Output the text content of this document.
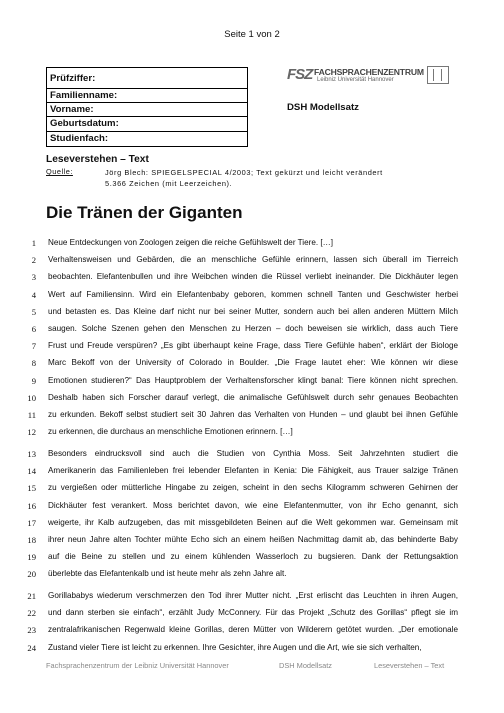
Seite 1 von 2
Prüfziffer:
Familienname:
Vorname:
Geburtsdatum:
Studienfach:
FSZ FACHSPRACHENZENTRUM
Leibniz Universität Hannover
DSH Modellsatz
Leseverstehen – Text
Quelle:	Jörg Blech: SPIEGELSPECIAL 4/2003; Text gekürzt und leicht verändert
5.366 Zeichen (mit Leerzeichen).
Die Tränen der Giganten
1 Neue Entdeckungen von Zoologen zeigen die reiche Gefühlswelt der Tiere. […]
2 Verhaltensweisen und Gebärden, die an menschliche Gefühle erinnern, lassen sich überall im Tierreich
3 beobachten. Elefantenbullen und ihre Weibchen winden die Rüssel verliebt ineinander. Die Dickhäuter legen
4 Wert auf Familiensinn. Wird ein Elefantenbaby geboren, kommen schnell Tanten und Geschwister herbei
5 und betasten es. Das Kleine darf nicht nur bei seiner Mutter, sondern auch bei allen anderen Müttern Milch
6 saugen. Solche Szenen gehen den Menschen zu Herzen – doch beweisen sie wirklich, dass auch Tiere
7 Frust und Freude verspüren? „Es gibt überhaupt keine Frage, dass Tiere Gefühle haben“, erklärt der Biologe
8 Marc Bekoff von der University of Colorado in Boulder. „Die Frage lautet eher: Wie können wir diese
9 Emotionen studieren?“ Das Hauptproblem der Verhaltensforscher klingt banal: Tiere können nicht sprechen.
10 Deshalb haben sich Forscher darauf verlegt, die animalische Gefühlswelt durch sehr genaues Beobachten
11 zu erkunden. Bekoff selbst studiert seit 30 Jahren das Verhalten von Hunden – und glaubt bei ihnen Gefühle
12 zu erkennen, die durchaus an menschliche Emotionen erinnern. […]
13 Besonders eindrucksvoll sind auch die Studien von Cynthia Moss. Seit Jahrzehnten studiert die
14 Amerikanerin das Familienleben frei lebender Elefanten in Kenia: Die Fähigkeit, aus Trauer salzige Tränen
15 zu vergießen oder mütterliche Hingabe zu zeigen, scheint in den sechs Kilogramm schweren Gehirnen der
16 Dickhäuter fest verankert. Moss berichtet davon, wie eine Elefantenmutter, von ihr Echo genannt, sich
17 weigerte, ihr Kalb aufzugeben, das mit missgebildeten Beinen auf die Welt gekommen war. Gemeinsam mit
18 ihrer neun Jahre alten Tochter mühte Echo sich an einem heißen Nachmittag damit ab, das behinderte Baby
19 auf die Beine zu stellen und zu einem kühlenden Wasserloch zu bugsieren. Dank der Rettungsaktion
20 überlebte das Elefantenkalb und ist heute mehr als zehn Jahre alt.
21 Gorillababys wiederum verschmerzen den Tod ihrer Mutter nicht. „Erst erlischt das Leuchten in ihren Augen,
22 und dann sterben sie einfach“, erzählt Judy McConnery. Für das Projekt „Schutz des Gorillas“ pflegt sie im
23 zentralafrikanischen Regenwald kleine Gorillas, deren Mütter von Wilderern getötet wurden. „Der emotionale
24 Zustand vieler Tiere ist leicht zu erkennen. Ihre Gesichter, ihre Augen und die Art, wie sie sich verhalten,
Fachsprachenzentrum der Leibniz Universität Hannover	DSH Modellsatz	Leseverstehen – Text
